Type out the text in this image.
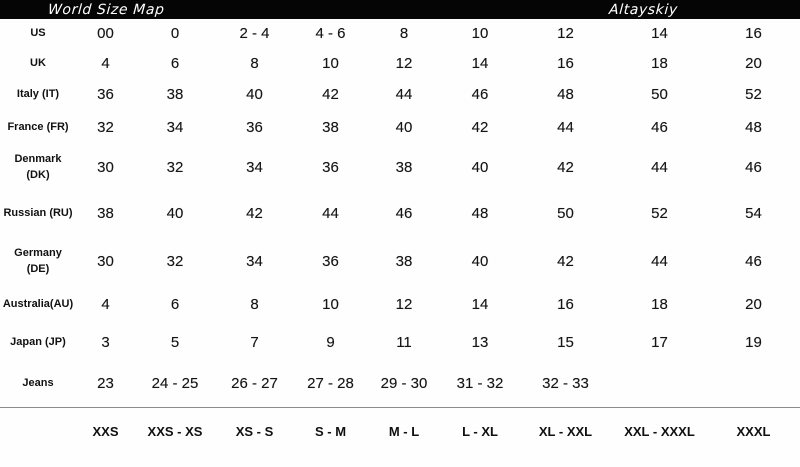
World Size Map	Altayskiy
US	00	0	2 - 4	4 - 6	8	10	12	14	16
UK	4	6	8	10	12	14	16	18	20
Italy (IT)	36	38	40	42	44	46	48	50	52
France (FR)	32	34	36	38	40	42	44	46	48

Denmark
(DK)	30	32	34	36	38	40	42	44	46
Russian (RU)	38	40	42	44	46	48	50	52	54

Germany
(DE)	30	32	34	36	38	40	42	44	46
Australia(AU)	4	6	8	10	12	14	16	18	20
Japan (JP)	3	5	7	9	11	13	15	17	19
Jeans	23	24 - 25	26 - 27	27 - 28	29 - 30	31 - 32	32 - 33		
	XXS	XXS - XS	XS - S	S - M	M - L	L - XL	XL - XXL	XXL - XXXL	XXXL
